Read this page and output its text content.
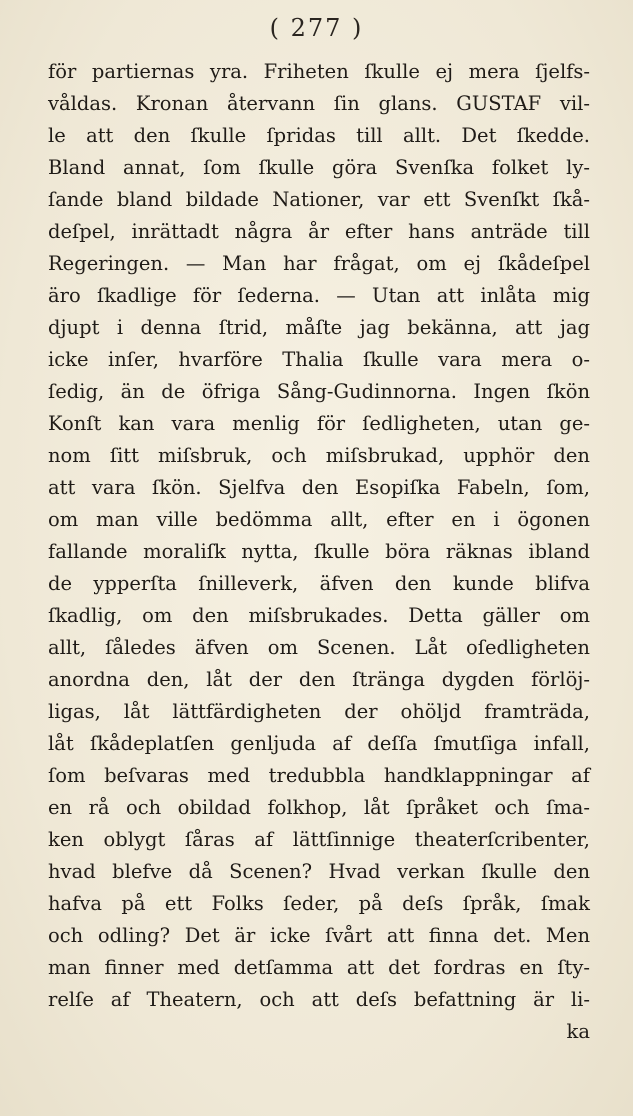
( 277 )
för partiernas yra. Friheten ſkulle ej mera ſjelfs-
våldas. Kronan återvann ſin glans. GUSTAF vil-
le att den ſkulle ſpridas till allt. Det ſkedde.
Bland annat, ſom ſkulle göra Svenſka folket ly-
ſande bland bildade Nationer, var ett Svenſkt ſkå-
deſpel, inrättadt några år efter hans anträde till
Regeringen. — Man har frågat, om ej ſkådeſpel
äro ſkadlige för ſederna. — Utan att inlåta mig
djupt i denna ſtrid, måſte jag bekänna, att jag
icke inſer, hvarföre Thalia ſkulle vara mera o-
ſedig, än de öfriga Sång-Gudinnorna. Ingen ſkön
Konſt kan vara menlig för ſedligheten, utan ge-
nom ſitt miſsbruk, och miſsbrukad, upphör den
att vara ſkön. Sjelfva den Esopiſka Fabeln, ſom,
om man ville bedömma allt, efter en i ögonen
fallande moraliſk nytta, ſkulle böra räknas ibland
de ypperſta ſnilleverk, äfven den kunde blifva
ſkadlig, om den miſsbrukades. Detta gäller om
allt, ſåledes äfven om Scenen. Låt oſedligheten
anordna den, låt der den ſtränga dygden förlöj-
ligas, låt lättfärdigheten der ohöljd framträda,
låt ſkådeplatſen genljuda af deſſa ſmutſiga infall,
ſom beſvaras med tredubbla handklappningar af
en rå och obildad folkhop, låt ſpråket och ſma-
ken oblygt ſåras af lättſinnige theaterſcribenter,
hvad blefve då Scenen? Hvad verkan ſkulle den
hafva på ett Folks ſeder, på deſs ſpråk, ſmak
och odling? Det är icke ſvårt att finna det. Men
man finner med detſamma att det fordras en ſty-
relſe af Theatern, och att deſs befattning är li-
ka
